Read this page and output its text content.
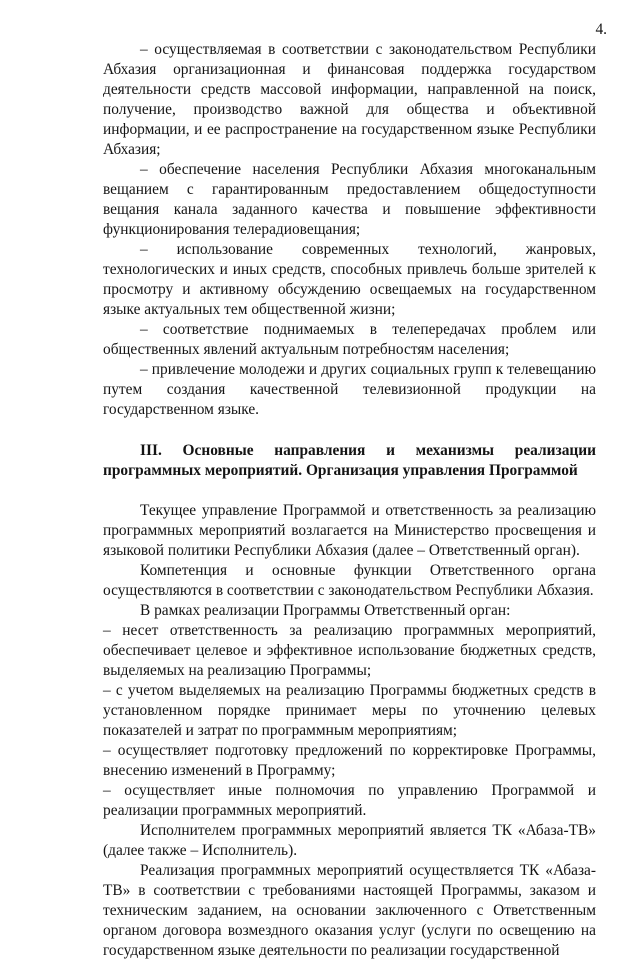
4.

– осуществляемая в соответствии с законодательством Республики Абхазия организационная и финансовая поддержка государством деятельности средств массовой информации, направленной на поиск, получение, производство важной для общества и объективной информации, и ее распространение на государственном языке Республики Абхазия;

– обеспечение населения Республики Абхазия многоканальным вещанием с гарантированным предоставлением общедоступности вещания канала заданного качества и повышение эффективности функционирования телерадиовещания;

– использование современных технологий, жанровых, технологических и иных средств, способных привлечь больше зрителей к просмотру и активному обсуждению освещаемых на государственном языке актуальных тем общественной жизни;

– соответствие поднимаемых в телепередачах проблем или общественных явлений актуальным потребностям населения;

– привлечение молодежи и других социальных групп к телевещанию путем создания качественной телевизионной продукции на государственном языке.

III. Основные направления и механизмы реализации программных мероприятий. Организация управления Программой

Текущее управление Программой и ответственность за реализацию программных мероприятий возлагается на Министерство просвещения и языковой политики Республики Абхазия (далее – Ответственный орган).

Компетенция и основные функции Ответственного органа осуществляются в соответствии с законодательством Республики Абхазия.

В рамках реализации Программы Ответственный орган:

– несет ответственность за реализацию программных мероприятий, обеспечивает целевое и эффективное использование бюджетных средств, выделяемых на реализацию Программы;

– с учетом выделяемых на реализацию Программы бюджетных средств в установленном порядке принимает меры по уточнению целевых показателей и затрат по программным мероприятиям;

– осуществляет подготовку предложений по корректировке Программы, внесению изменений в Программу;

– осуществляет иные полномочия по управлению Программой и реализации программных мероприятий.

Исполнителем программных мероприятий является ТК «Абаза-ТВ» (далее также – Исполнитель).

Реализация программных мероприятий осуществляется ТК «Абаза-ТВ» в соответствии с требованиями настоящей Программы, заказом и техническим заданием, на основании заключенного с Ответственным органом договора возмездного оказания услуг (услуги по освещению на государственном языке деятельности по реализации государственной
